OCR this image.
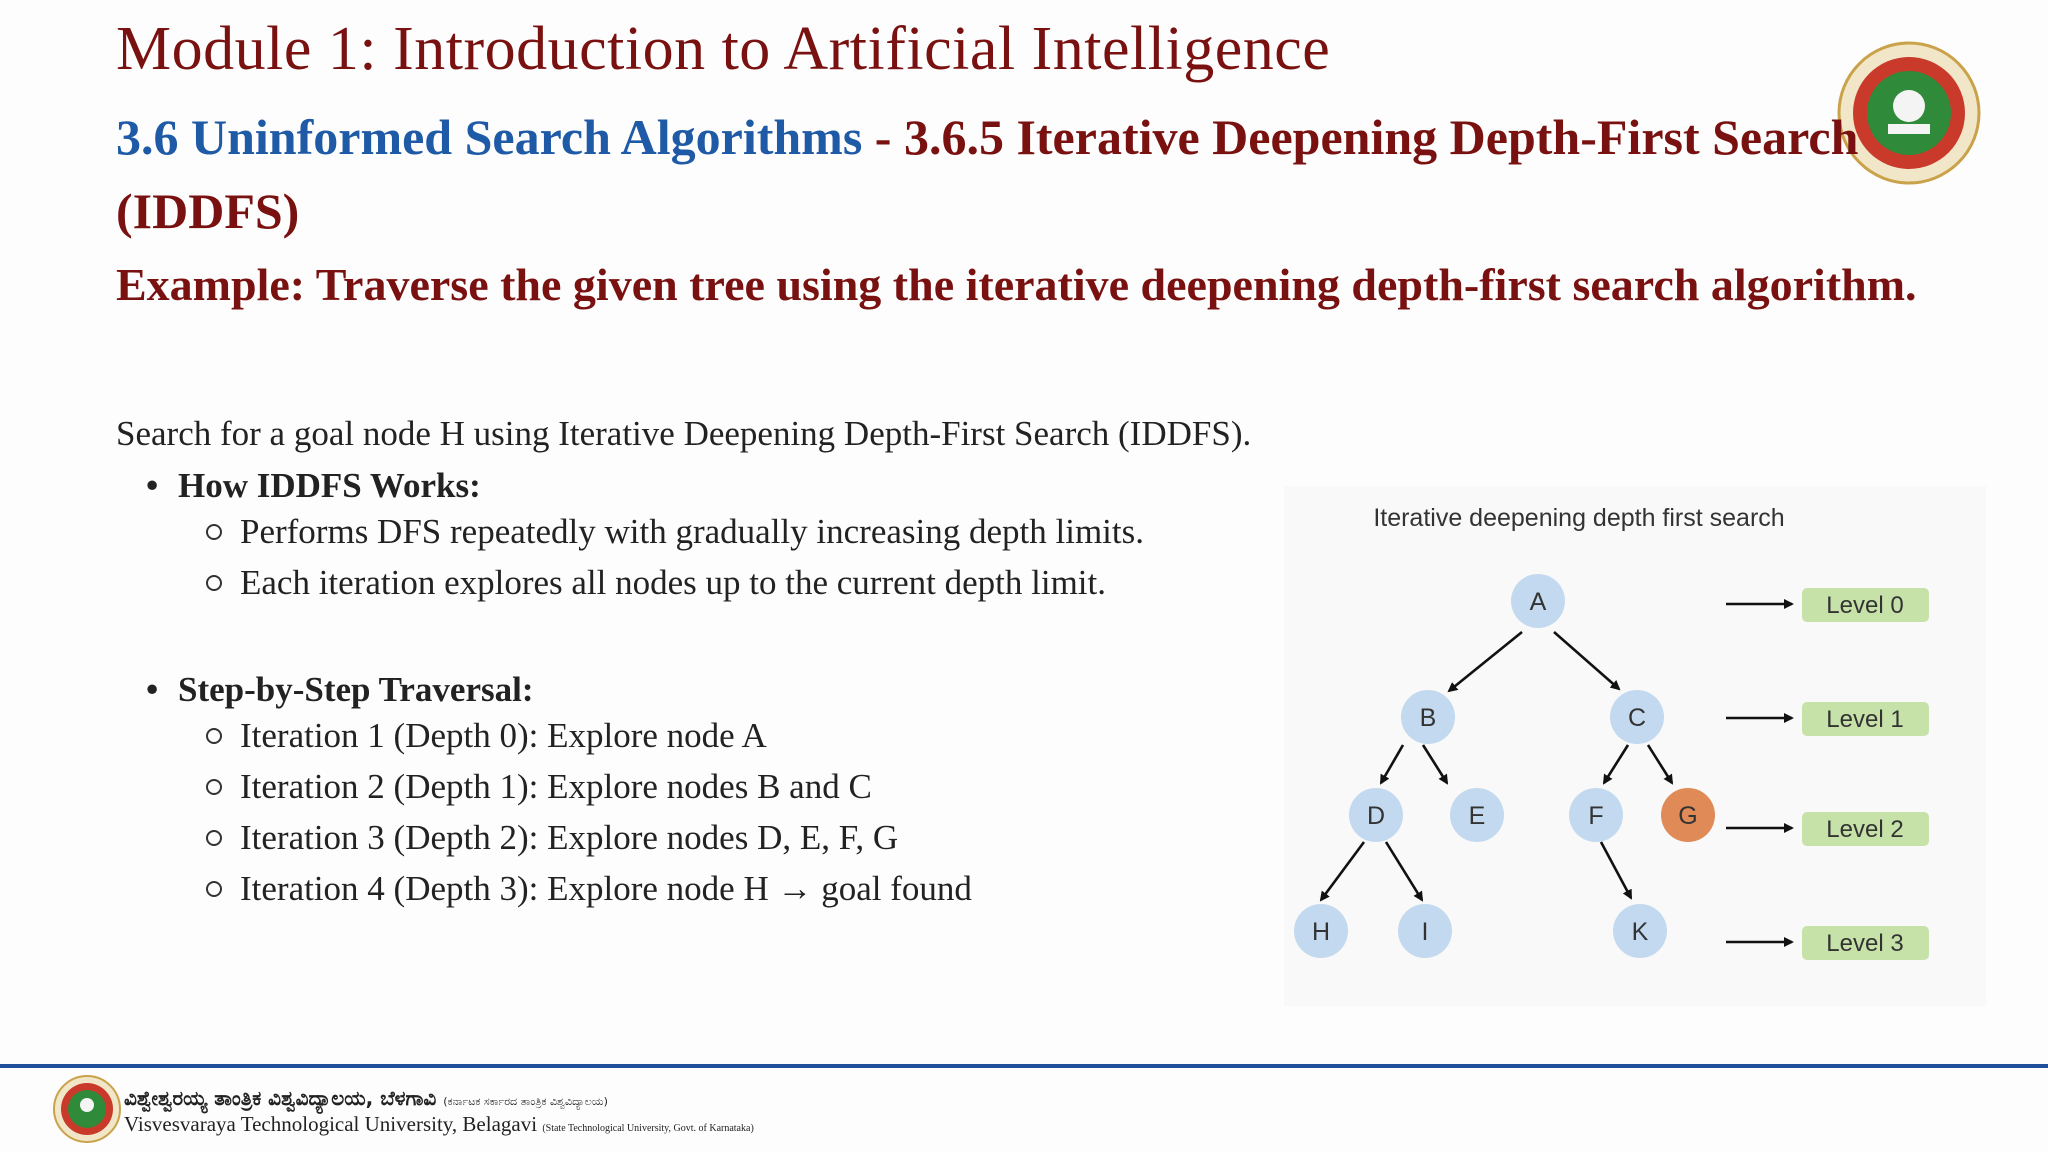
Module 1: Introduction to Artificial Intelligence
3.6 Uninformed Search Algorithms - 3.6.5 Iterative Deepening Depth-First Search (IDDFS)

Example: Traverse the given tree using the iterative deepening depth-first search algorithm.

Search for a goal node H using Iterative Deepening Depth-First Search (IDDFS).
• How IDDFS Works:
Performs DFS repeatedly with gradually increasing depth limits.
Each iteration explores all nodes up to the current depth limit.
• Step-by-Step Traversal:
Iteration 1 (Depth 0): Explore node A
Iteration 2 (Depth 1): Explore nodes B and C
Iteration 3 (Depth 2): Explore nodes D, E, F, G
Iteration 4 (Depth 3): Explore node H → goal found
Iterative deepening depth first search
A
B	C
D	E	F	G
H	I	K
Level 0
Level 1
Level 2
Level 3
ವಿಶ್ವೇಶ್ವರಯ್ಯ ತಾಂತ್ರಿಕ ವಿಶ್ವವಿದ್ಯಾಲಯ, ಬೆಳಗಾವಿ (ಕರ್ನಾಟಕ ಸರ್ಕಾರದ ತಾಂತ್ರಿಕ ವಿಶ್ವವಿದ್ಯಾಲಯ)
Visvesvaraya Technological University, Belagavi (State Technological University, Govt. of Karnataka)
